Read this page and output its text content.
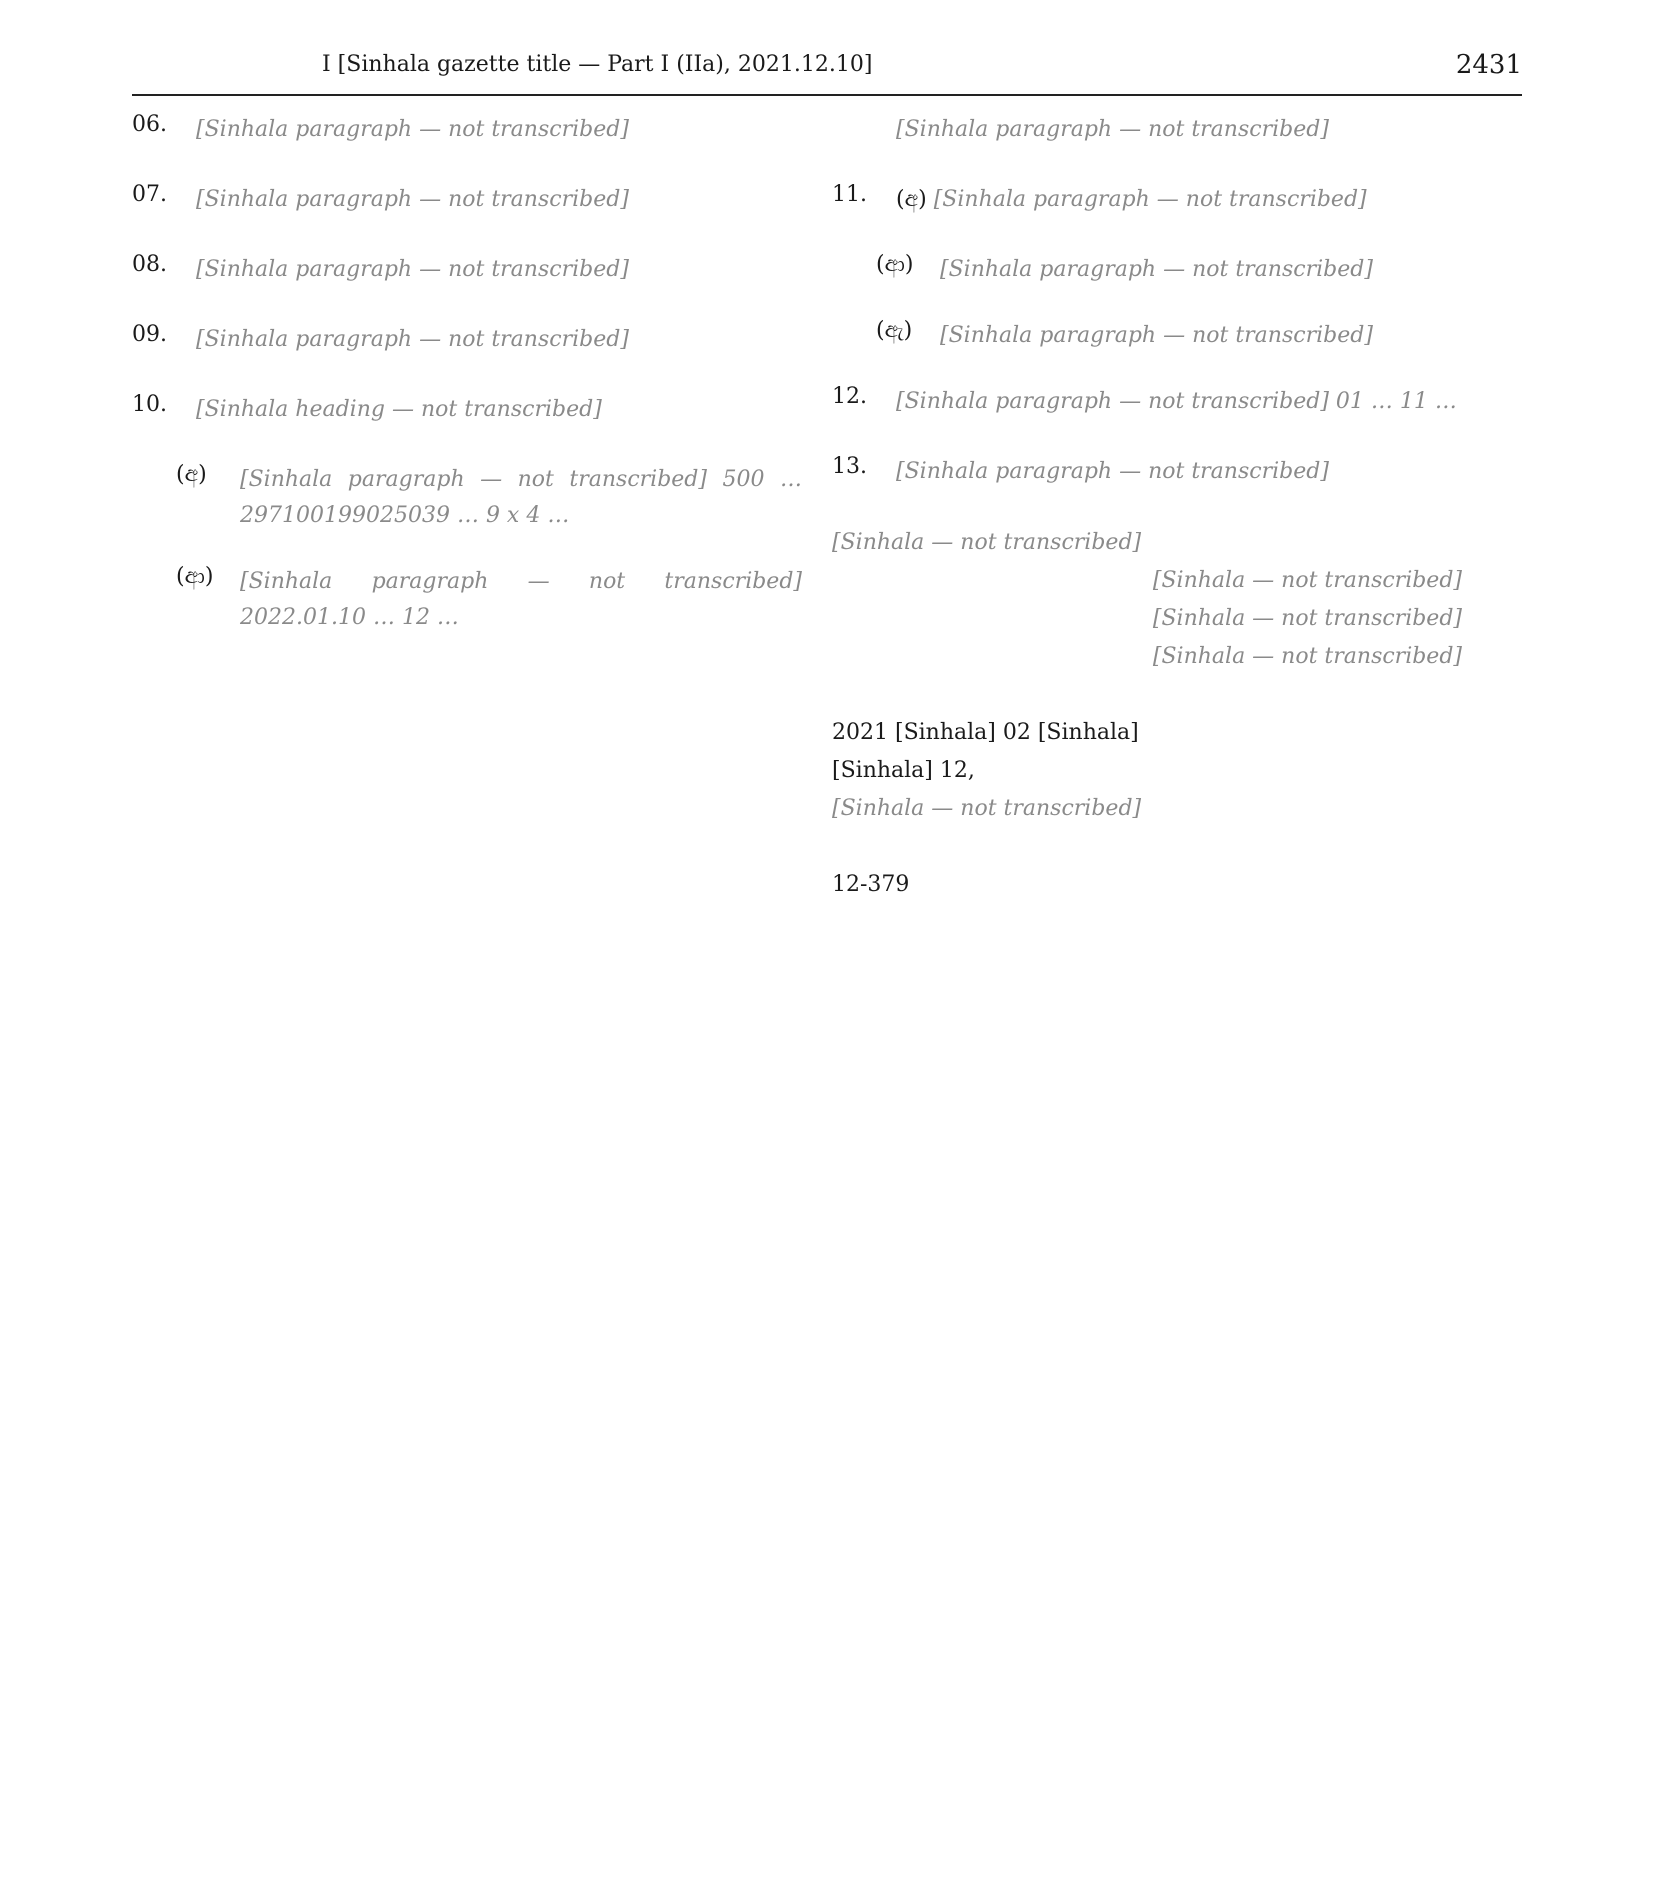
I [Sinhala gazette title — Part I (IIa), 2021.12.10]	2431
06. [Sinhala paragraph — not transcribed]
07. [Sinhala paragraph — not transcribed]
08. [Sinhala paragraph — not transcribed]
09. [Sinhala paragraph — not transcribed]
10. [Sinhala heading — not transcribed]
(අ) [Sinhala paragraph — not transcribed] 500 … 297100199025039 … 9 x 4 …
(ආ) [Sinhala paragraph — not transcribed] 2022.01.10 … 12 …
[Sinhala paragraph — not transcribed]
11. (අ) [Sinhala paragraph — not transcribed]
(ආ) [Sinhala paragraph — not transcribed]
(ඇ) [Sinhala paragraph — not transcribed]
12. [Sinhala paragraph — not transcribed] 01 … 11 …
13. [Sinhala paragraph — not transcribed]
[Sinhala — not transcribed]
[Sinhala — not transcribed]
[Sinhala — not transcribed]
[Sinhala — not transcribed]

2021 [Sinhala] 02 [Sinhala]
[Sinhala] 12,
[Sinhala — not transcribed]

12-379
